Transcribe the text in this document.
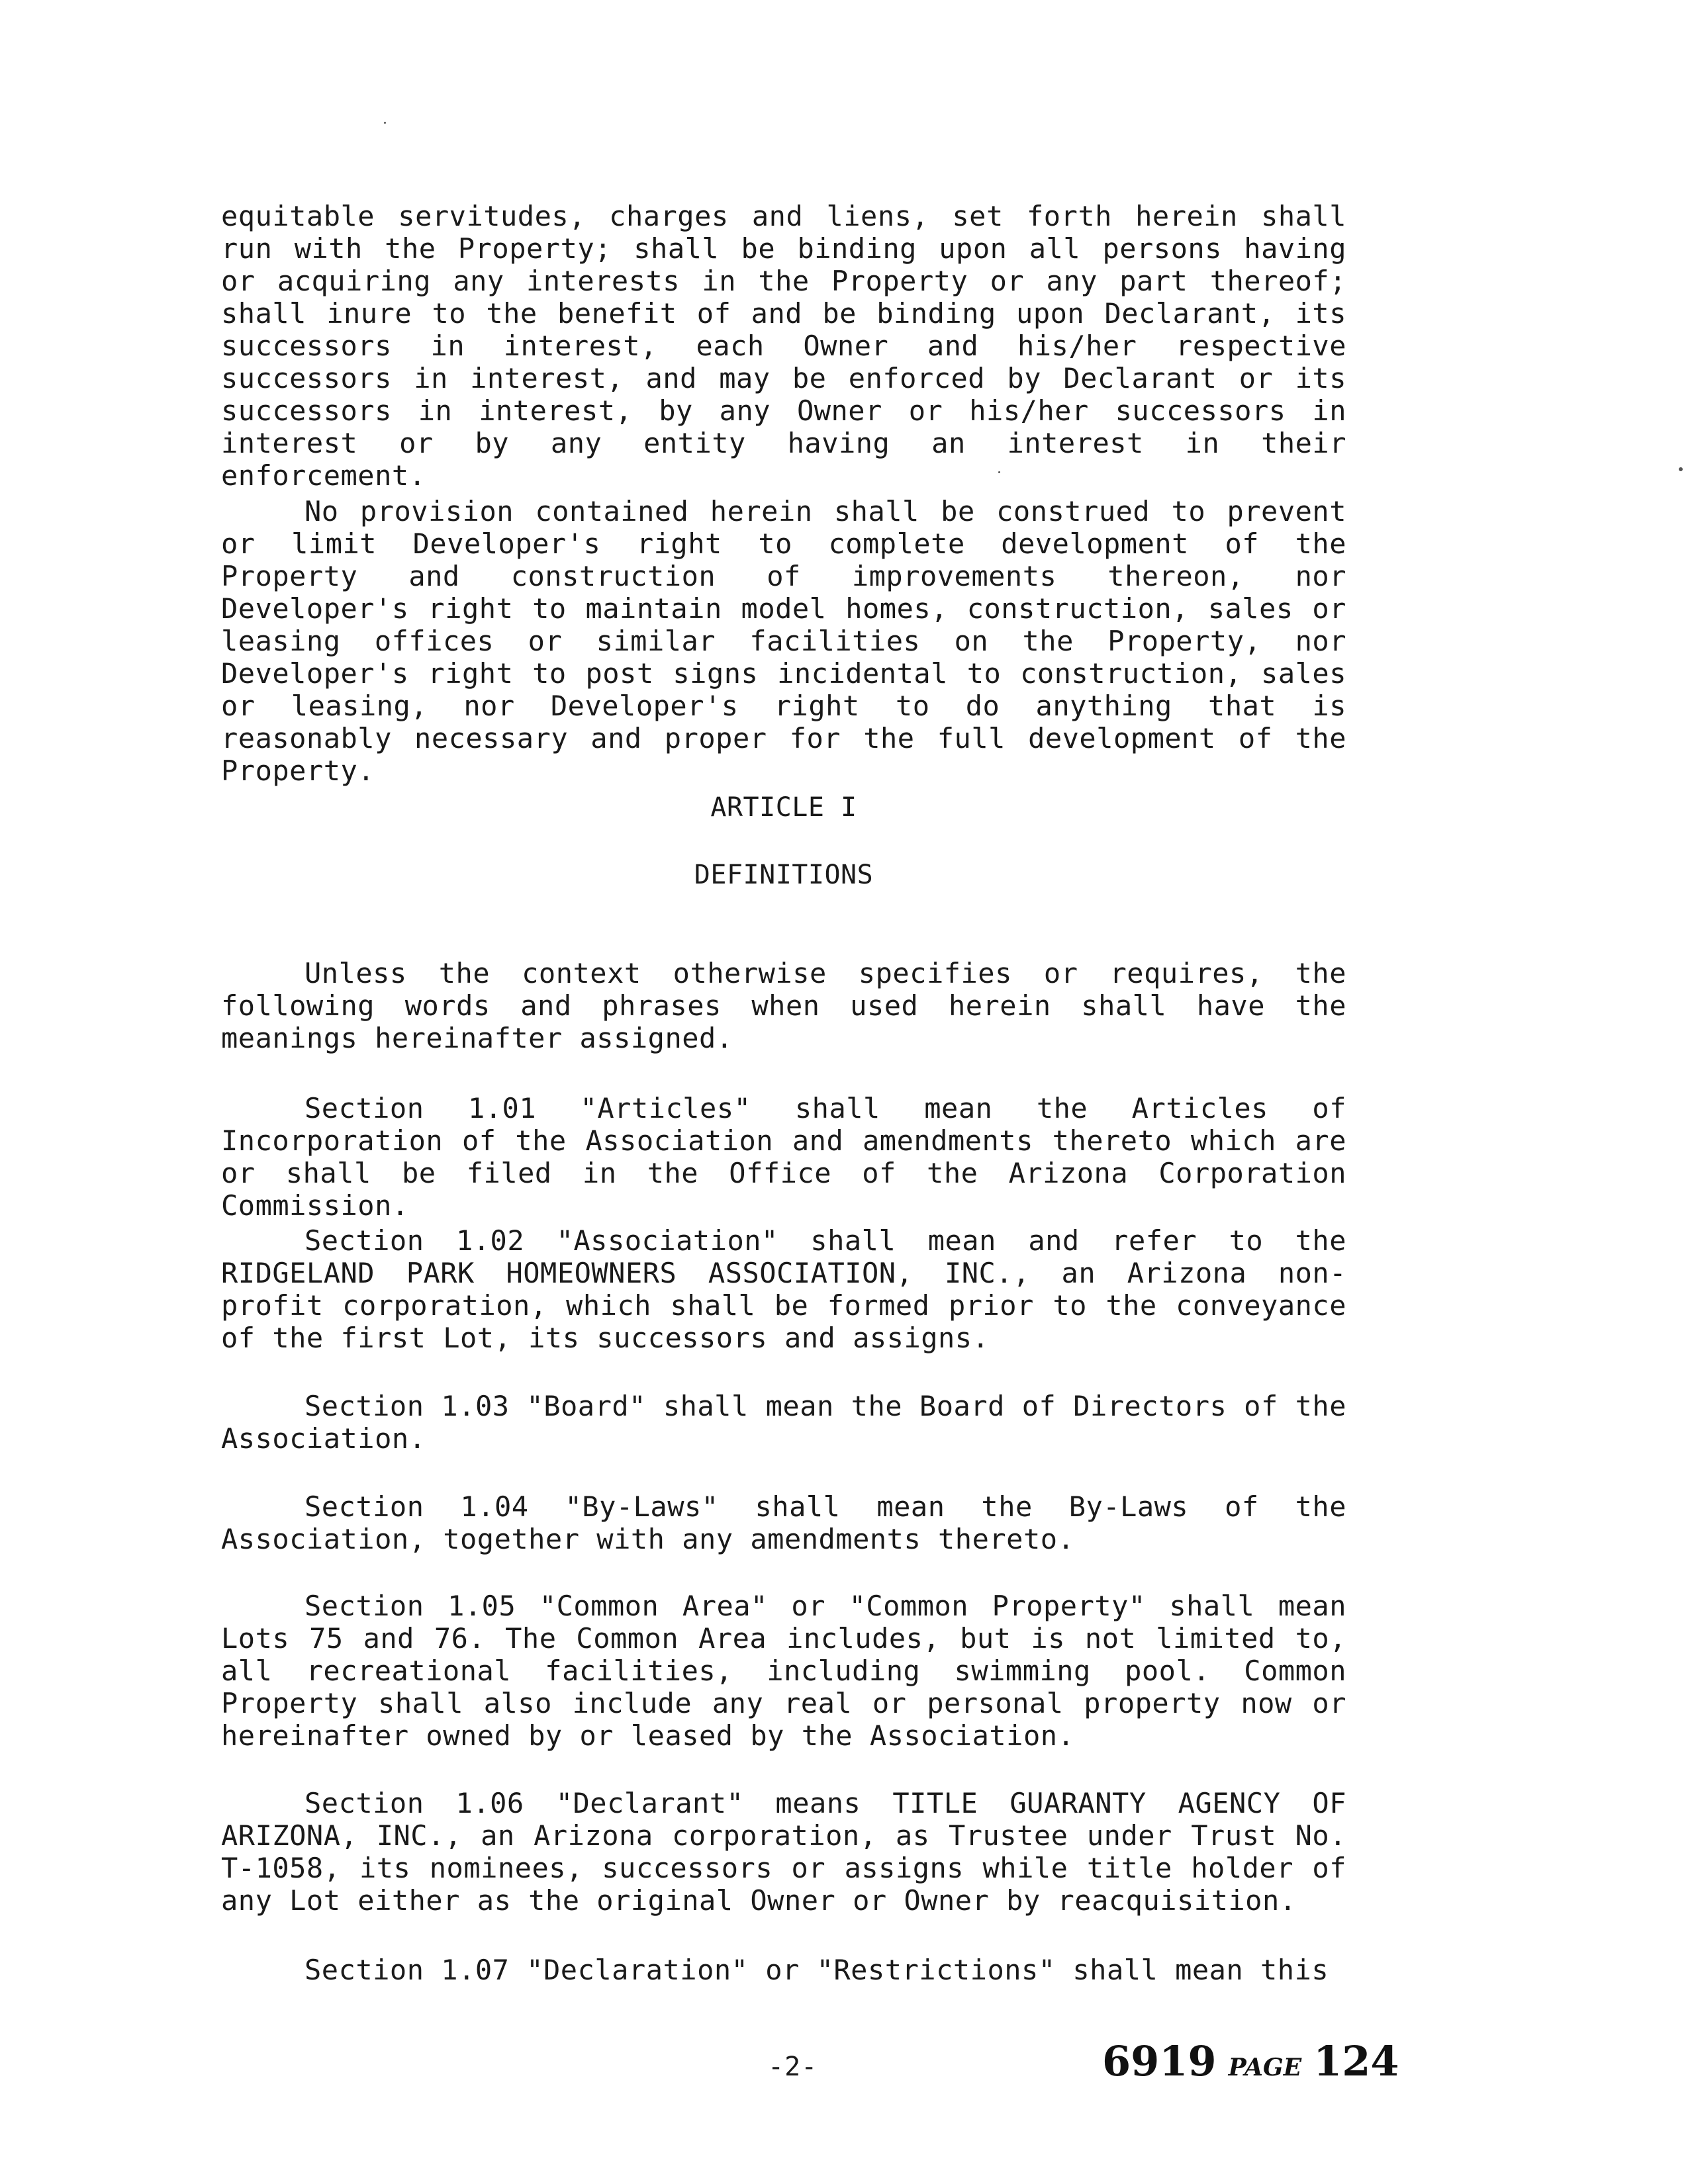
equitable servitudes, charges and liens, set forth herein shall run with the Property; shall be binding upon all persons having or acquiring any interests in the Property or any part thereof; shall inure to the benefit of and be binding upon Declarant, its successors in interest, each Owner and his/her respective successors in interest, and may be enforced by Declarant or its successors in interest, by any Owner or his/her successors in interest or by any entity having an interest in their enforcement.

No provision contained herein shall be construed to prevent or limit Developer's right to complete development of the Property and construction of improvements thereon, nor Developer's right to maintain model homes, construction, sales or leasing offices or similar facilities on the Property, nor Developer's right to post signs incidental to construction, sales or leasing, nor Developer's right to do anything that is reasonably necessary and proper for the full development of the Property.

ARTICLE I
DEFINITIONS

Unless the context otherwise specifies or requires, the following words and phrases when used herein shall have the meanings hereinafter assigned.

Section 1.01 "Articles" shall mean the Articles of Incorporation of the Association and amendments thereto which are or shall be filed in the Office of the Arizona Corporation Commission.

Section 1.02 "Association" shall mean and refer to the RIDGELAND PARK HOMEOWNERS ASSOCIATION, INC., an Arizona non-profit corporation, which shall be formed prior to the conveyance of the first Lot, its successors and assigns.

Section 1.03 "Board" shall mean the Board of Directors of the Association.

Section 1.04 "By-Laws" shall mean the By-Laws of the Association, together with any amendments thereto.

Section 1.05 "Common Area" or "Common Property" shall mean Lots 75 and 76. The Common Area includes, but is not limited to, all recreational facilities, including swimming pool. Common Property shall also include any real or personal property now or hereinafter owned by or leased by the Association.

Section 1.06 "Declarant" means TITLE GUARANTY AGENCY OF ARIZONA, INC., an Arizona corporation, as Trustee under Trust No. T-1058, its nominees, successors or assigns while title holder of any Lot either as the original Owner or Owner by reacquisition.

Section 1.07 "Declaration" or "Restrictions" shall mean this

-2-	6919 PAGE 124
